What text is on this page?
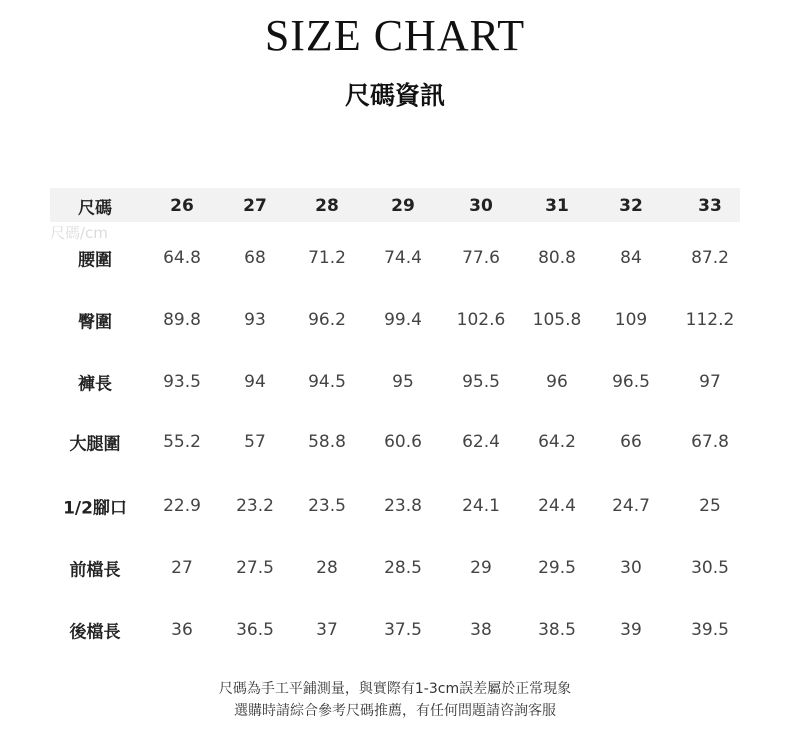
SIZE CHART
尺碼資訊
尺碼/cm
尺碼	26	27	28	29	30	31	32	33
腰圍	64.8	68 71.2 74.4 77.6 80.8	84	87.2
臀圍	89.8	93 96.2 99.4 102.6 105.8 109 112.2
褲長	93.5	94 94.5	95	95.5	96	96.5	97
大腿圍	55.2	57 58.8 60.6 62.4 64.2	66	67.8
1/2腳口 22.9 23.2 23.5 23.8 24.1 24.4 24.7	25
前檔長	27	27.5 28	28.5	29	29.5	30	30.5
後檔長	36	36.5 37	37.5	38	38.5	39	39.5
尺碼為手工平鋪測量，與實際有1-3cm誤差屬於正常現象
選購時請綜合參考尺碼推薦，有任何問題請咨詢客服
